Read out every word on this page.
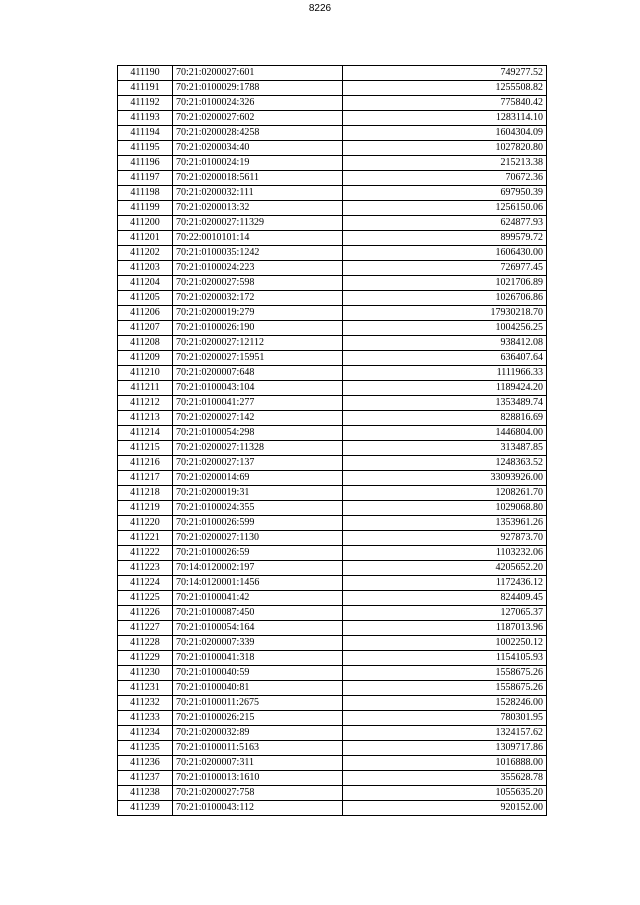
8226
411190	70:21:0200027:601	749277.52
411191	70:21:0100029:1788	1255508.82
411192	70:21:0100024:326	775840.42
411193	70:21:0200027:602	1283114.10
411194	70:21:0200028:4258	1604304.09
411195	70:21:0200034:40	1027820.80
411196	70:21:0100024:19	215213.38
411197	70:21:0200018:5611	70672.36
411198	70:21:0200032:111	697950.39
411199	70:21:0200013:32	1256150.06
411200	70:21:0200027:11329	624877.93
411201	70:22:0010101:14	899579.72
411202	70:21:0100035:1242	1606430.00
411203	70:21:0100024:223	726977.45
411204	70:21:0200027:598	1021706.89
411205	70:21:0200032:172	1026706.86
411206	70:21:0200019:279	17930218.70
411207	70:21:0100026:190	1004256.25
411208	70:21:0200027:12112	938412.08
411209	70:21:0200027:15951	636407.64
411210	70:21:0200007:648	1111966.33
411211	70:21:0100043:104	1189424.20
411212	70:21:0100041:277	1353489.74
411213	70:21:0200027:142	828816.69
411214	70:21:0100054:298	1446804.00
411215	70:21:0200027:11328	313487.85
411216	70:21:0200027:137	1248363.52
411217	70:21:0200014:69	33093926.00
411218	70:21:0200019:31	1208261.70
411219	70:21:0100024:355	1029068.80
411220	70:21:0100026:599	1353961.26
411221	70:21:0200027:1130	927873.70
411222	70:21:0100026:59	1103232.06
411223	70:14:0120002:197	4205652.20
411224	70:14:0120001:1456	1172436.12
411225	70:21:0100041:42	824409.45
411226	70:21:0100087:450	127065.37
411227	70:21:0100054:164	1187013.96
411228	70:21:0200007:339	1002250.12
411229	70:21:0100041:318	1154105.93
411230	70:21:0100040:59	1558675.26
411231	70:21:0100040:81	1558675.26
411232	70:21:0100011:2675	1528246.00
411233	70:21:0100026:215	780301.95
411234	70:21:0200032:89	1324157.62
411235	70:21:0100011:5163	1309717.86
411236	70:21:0200007:311	1016888.00
411237	70:21:0100013:1610	355628.78
411238	70:21:0200027:758	1055635.20
411239	70:21:0100043:112	920152.00
